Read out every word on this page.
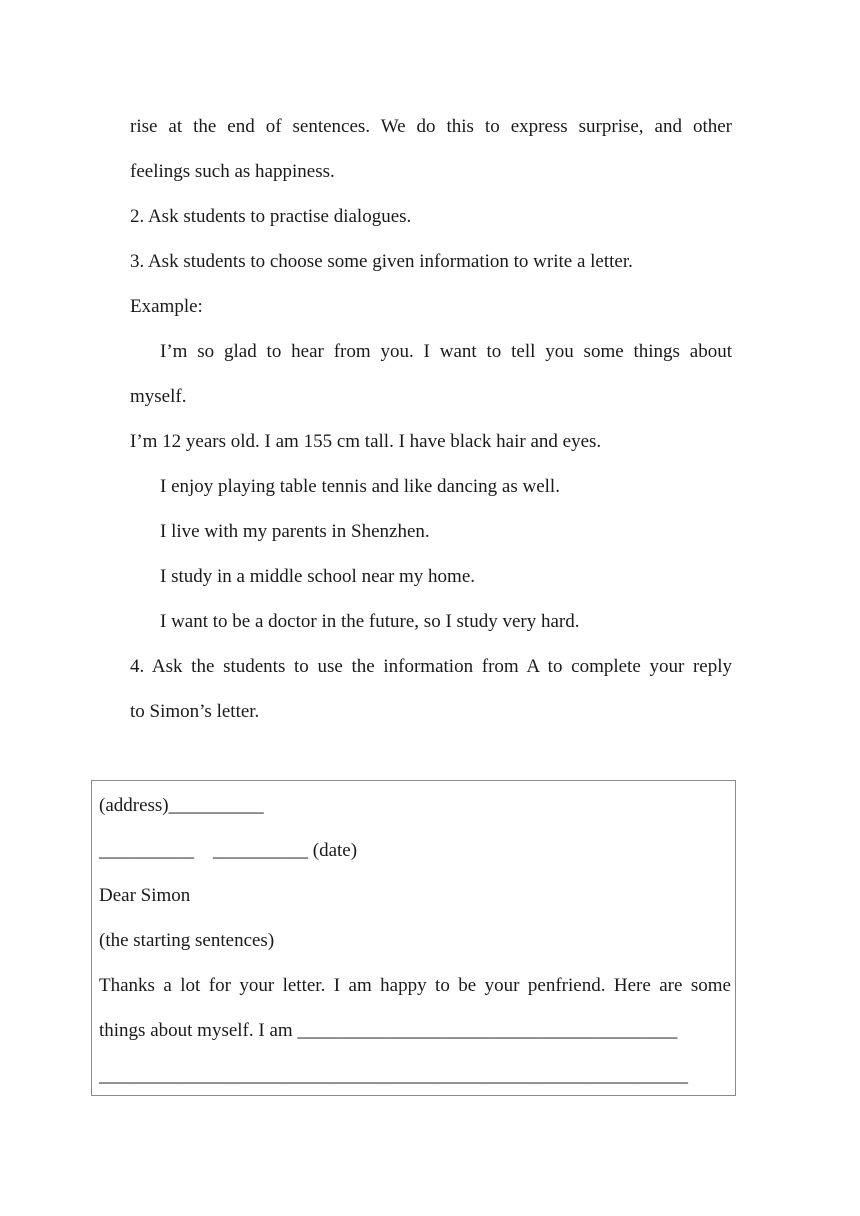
rise at the end of sentences. We do this to express surprise, and other
feelings such as happiness.
2. Ask students to practise dialogues.
3. Ask students to choose some given information to write a letter.
Example:
I’m so glad to hear from you. I want to tell you some things about
myself.
I’m 12 years old. I am 155 cm tall. I have black hair and eyes.
I enjoy playing table tennis and like dancing as well.
I live with my parents in Shenzhen.
I study in a middle school near my home.
I want to be a doctor in the future, so I study very hard.
4. Ask the students to use the information from A to complete your reply
to Simon’s letter.
(address)__________
__________    __________ (date)
Dear Simon
(the starting sentences)
Thanks a lot for your letter. I am happy to be your penfriend. Here are some
things about myself. I am ________________________________________
______________________________________________________________
